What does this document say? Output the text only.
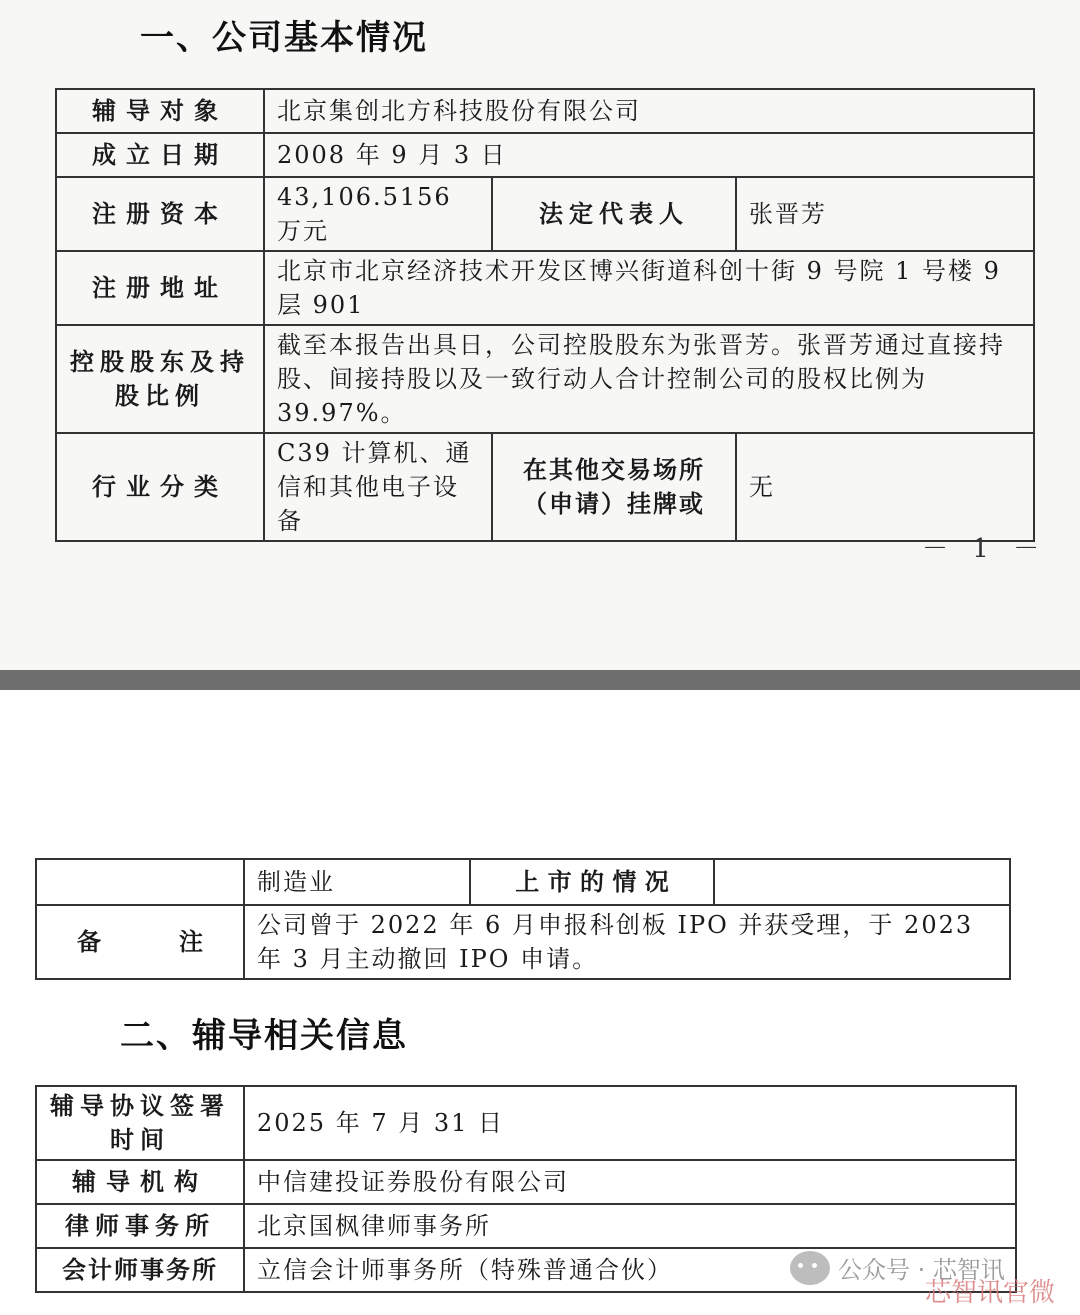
一、公司基本情况
辅导对象	北京集创北方科技股份有限公司		
成立日期	2008 年 9 月 3 日		
注册资本	43,106.5156 万元	法定代表人	张晋芳
注册地址	北京市北京经济技术开发区博兴街道科创十街 9 号院 1 号楼 9 层 901		
控股股东及持股比例	截至本报告出具日，公司控股股东为张晋芳。张晋芳通过直接持股、间接持股以及一致行动人合计控制公司的股权比例为 39.97%。		
行业分类	C39 计算机、通信和其他电子设备	在其他交易场所（申请）挂牌或	无
－ 1 －
	制造业	上 市 的 情 况	

备 注	公司曾于 2022 年 6 月申报科创板 IPO 并获受理，于 2023 年 3 月主动撤回 IPO 申请。		
二、辅导相关信息
辅导协议签署时间	2025 年 7 月 31 日
辅导机构	中信建投证券股份有限公司
律师事务所	北京国枫律师事务所
会计师事务所	立信会计师事务所（特殊普通合伙）	公众号 · 芯智讯
芯智讯官微
